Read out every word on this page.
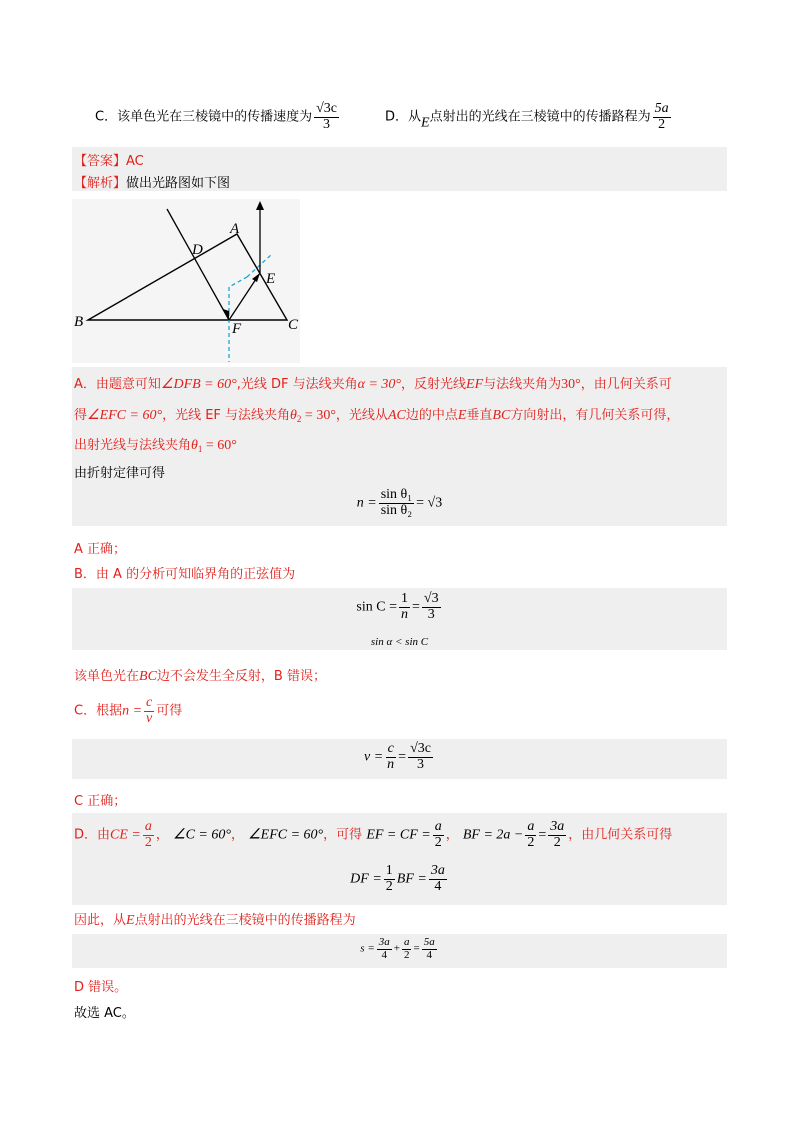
C．该单色光在三棱镜中的传播速度为 $\frac{√3c}{3}$	D．从E点射出的光线在三棱镜中的传播路程为 $\frac{5a}{2}$
【答案】AC
【解析】做出光路图如下图
A
B	C
D
E
F
A．由题意可知∠DFB = 60°,光线 DF 与法线夹角α = 30°，反射光线EF与法线夹角为30°，由几何关系可
得∠EFC = 60°，光线 EF 与法线夹角$\theta_2 = 30^\circ$，光线从AC边的中点E垂直BC方向射出，有几何关系可得，
出射光线与法线夹角$\theta_1 = 60^\circ$
由折射定律可得
$n = \frac{\text{sin θ₁}}{\text{sin θ₂}} = √3$
A 正确；
B．由 A 的分析可知临界角的正弦值为
$\sin C = \frac{1}{n} = \frac{√3}{3}$
sin α < sin C
该单色光在BC边不会发生全反射，B 错误；
C．根据$n = \frac{c}{v}$ 可得
$v = \frac{c}{n} = \frac{√3c}{3}$
C 正确；
D．由CE = $\frac{a}{2}$ ， ∠C = 60°， ∠EFC = 60°，可得 EF = CF = $\frac{a}{2}$ ， BF = $2a - \frac{a}{2} = \frac{3a}{2}$ ，由几何关系可得
DF = $\frac{1}{2}$ BF = $\frac{3a}{4}$
因此，从E点射出的光线在三棱镜中的传播路程为
$s = \frac{3a}{4} + \frac{a}{2} = \frac{5a}{4}$
D 错误。
故选 AC。
